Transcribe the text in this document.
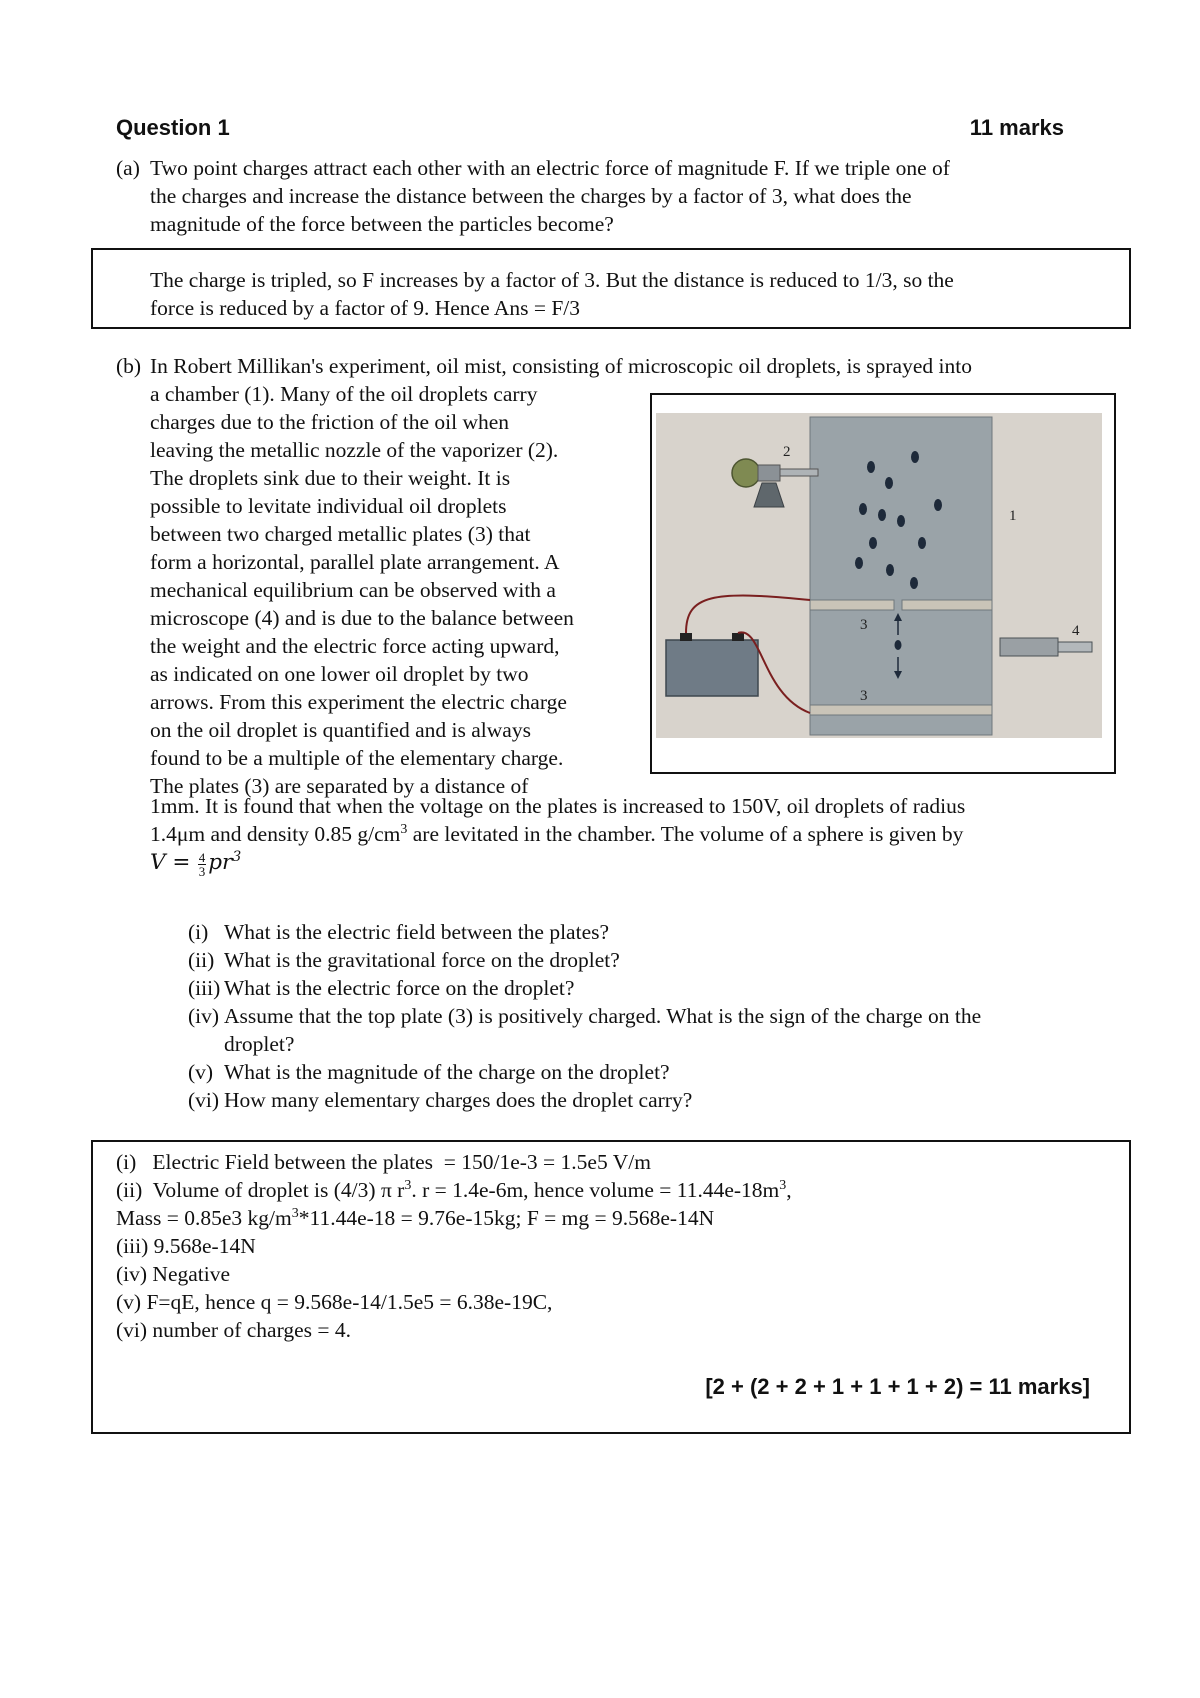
Question 1	11 marks
(a) Two point charges attract each other with an electric force of magnitude F. If we triple one of
the charges and increase the distance between the charges by a factor of 3, what does the
magnitude of the force between the particles become?
The charge is tripled, so F increases by a factor of 3. But the distance is reduced to 1/3, so the
force is reduced by a factor of 9. Hence Ans = F/3
(b) In Robert Millikan's experiment, oil mist, consisting of microscopic oil droplets, is sprayed into
a chamber (1). Many of the oil droplets carry
charges due to the friction of the oil when
leaving the metallic nozzle of the vaporizer (2).
The droplets sink due to their weight. It is
possible to levitate individual oil droplets
between two charged metallic plates (3) that
form a horizontal, parallel plate arrangement. A
mechanical equilibrium can be observed with a
microscope (4) and is due to the balance between
the weight and the electric force acting upward,
as indicated on one lower oil droplet by two
arrows. From this experiment the electric charge
on the oil droplet is quantified and is always
found to be a multiple of the elementary charge.
The plates (3) are separated by a distance of
2
1
3
3
4
1mm. It is found that when the voltage on the plates is increased to 150V, oil droplets of radius
1.4μm and density 0.85 $g/cm^3$ are levitated in the chamber. The volume of a sphere is given by
$V = \frac{4}{3} pr^3$
(i) What is the electric field between the plates?
(ii) What is the gravitational force on the droplet?
(iii) What is the electric force on the droplet?
(iv) Assume that the top plate (3) is positively charged. What is the sign of the charge on the
droplet?
(v) What is the magnitude of the charge on the droplet?
(vi) How many elementary charges does the droplet carry?
(i)   Electric Field between the plates  = 150/1e-3 = 1.5e5 V/m
(ii)  Volume of droplet is (4/3) π $r^3$. r = 1.4e-6m, hence volume = $11.44e-18m^3$,
Mass = 0.85e3 $kg/m^3*11.44e-18 = 9.76e-15kg$; F = mg = 9.568e-14N
(iii) 9.568e-14N
(iv) Negative
(v) F=qE, hence q = 9.568e-14/1.5e5 = 6.38e-19C,
(vi) number of charges = 4.
[2 + (2 + 2 + 1 + 1 + 1 + 2) = 11 marks]
